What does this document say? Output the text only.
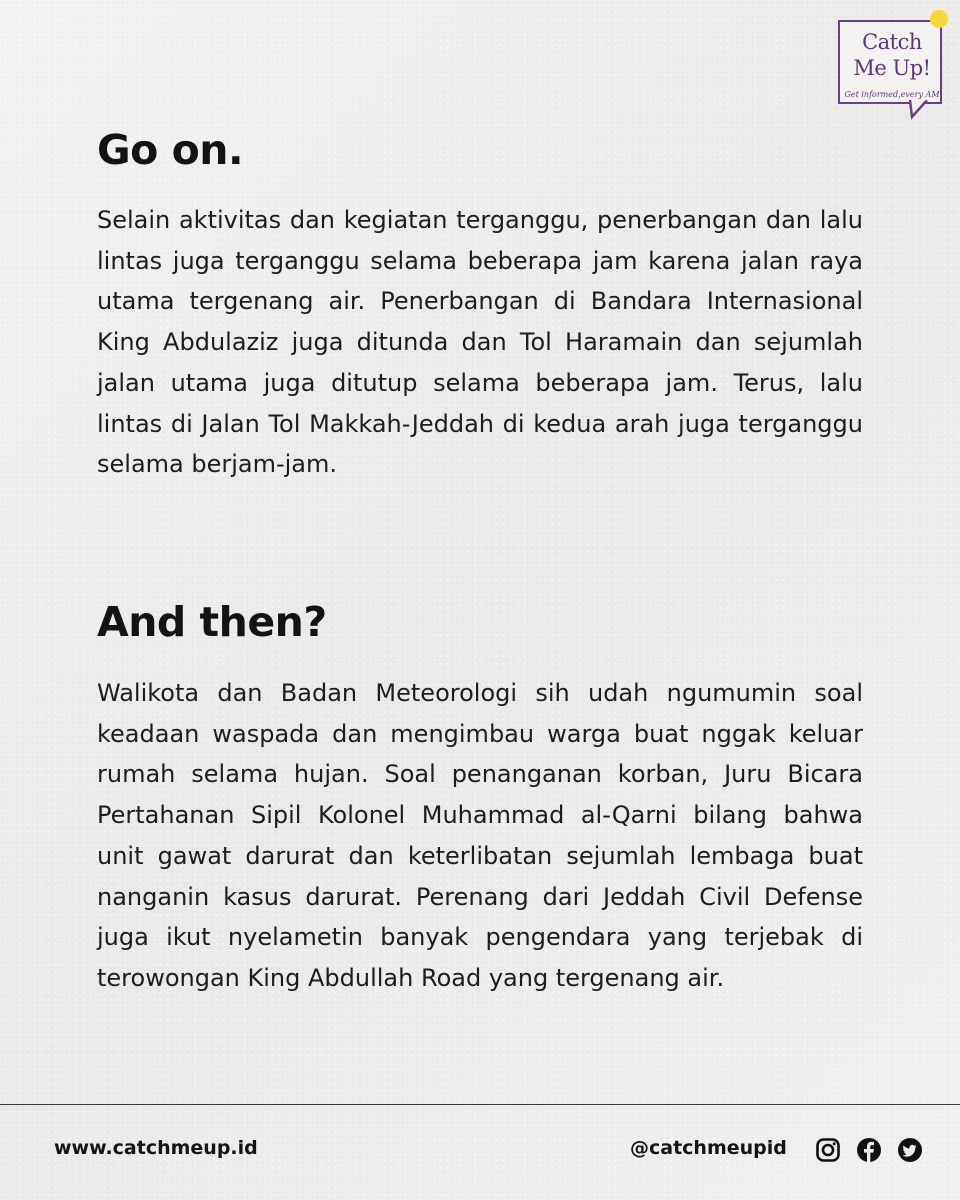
Catch
Me Up!
Get informed,every AM
Go on.

Selain aktivitas dan kegiatan terganggu, penerbangan dan lalu lintas juga terganggu selama beberapa jam karena jalan raya utama tergenang air. Penerbangan di Bandara Internasional King Abdulaziz juga ditunda dan Tol Haramain dan sejumlah jalan utama juga ditutup selama beberapa jam. Terus, lalu lintas di Jalan Tol Makkah-Jeddah di kedua arah juga terganggu selama berjam-jam.

And then?

Walikota dan Badan Meteorologi sih udah ngumumin soal keadaan waspada dan mengimbau warga buat nggak keluar rumah selama hujan. Soal penanganan korban, Juru Bicara Pertahanan Sipil Kolonel Muhammad al-Qarni bilang bahwa unit gawat darurat dan keterlibatan sejumlah lembaga buat nanganin kasus darurat. Perenang dari Jeddah Civil Defense juga ikut nyelametin banyak pengendara yang terjebak di terowongan King Abdullah Road yang tergenang air.

www.catchmeup.id	@catchmeupid
